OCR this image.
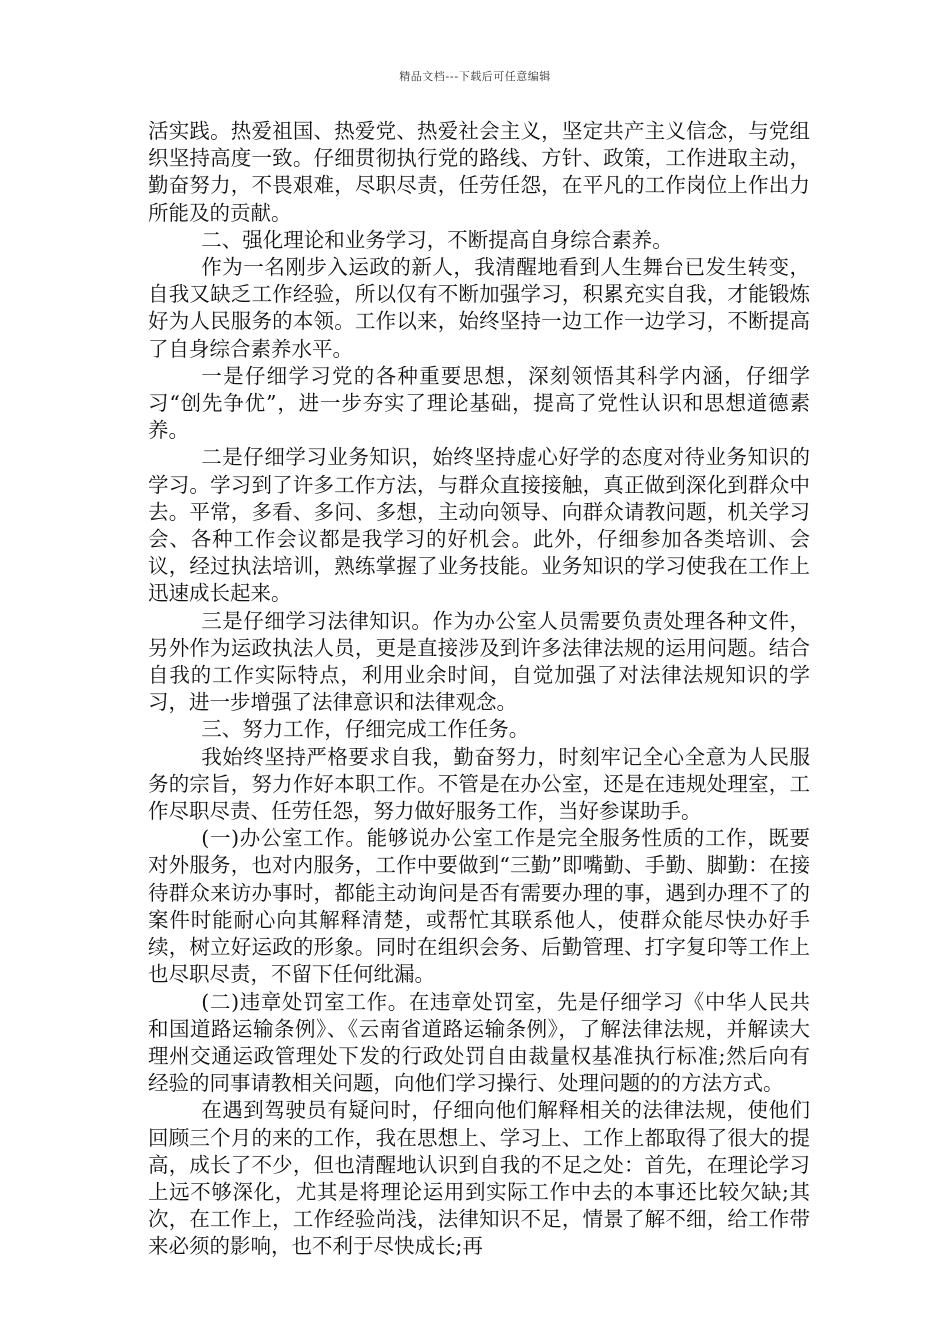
精品文档---下载后可任意编辑

活实践。热爱祖国、热爱党、热爱社会主义，坚定共产主义信念，与党组织坚持高度一致。仔细贯彻执行党的路线、方针、政策，工作进取主动，勤奋努力，不畏艰难，尽职尽责，任劳任怨，在平凡的工作岗位上作出力所能及的贡献。

二、强化理论和业务学习，不断提高自身综合素养。

作为一名刚步入运政的新人，我清醒地看到人生舞台已发生转变，自我又缺乏工作经验，所以仅有不断加强学习，积累充实自我，才能锻炼好为人民服务的本领。工作以来，始终坚持一边工作一边学习，不断提高了自身综合素养水平。

一是仔细学习党的各种重要思想，深刻领悟其科学内涵，仔细学习“创先争优”，进一步夯实了理论基础，提高了党性认识和思想道德素养。

二是仔细学习业务知识，始终坚持虚心好学的态度对待业务知识的学习。学习到了许多工作方法，与群众直接接触，真正做到深化到群众中去。平常，多看、多问、多想，主动向领导、向群众请教问题，机关学习会、各种工作会议都是我学习的好机会。此外，仔细参加各类培训、会议，经过执法培训，熟练掌握了业务技能。业务知识的学习使我在工作上迅速成长起来。

三是仔细学习法律知识。作为办公室人员需要负责处理各种文件，另外作为运政执法人员，更是直接涉及到许多法律法规的运用问题。结合自我的工作实际特点，利用业余时间，自觉加强了对法律法规知识的学习，进一步增强了法律意识和法律观念。

三、努力工作，仔细完成工作任务。

我始终坚持严格要求自我，勤奋努力，时刻牢记全心全意为人民服务的宗旨，努力作好本职工作。不管是在办公室，还是在违规处理室，工作尽职尽责、任劳任怨，努力做好服务工作，当好参谋助手。

(一)办公室工作。能够说办公室工作是完全服务性质的工作，既要对外服务，也对内服务，工作中要做到“三勤”即嘴勤、手勤、脚勤：在接待群众来访办事时，都能主动询问是否有需要办理的事，遇到办理不了的案件时能耐心向其解释清楚，或帮忙其联系他人，使群众能尽快办好手续，树立好运政的形象。同时在组织会务、后勤管理、打字复印等工作上也尽职尽责，不留下任何纰漏。

(二)违章处罚室工作。在违章处罚室，先是仔细学习《中华人民共和国道路运输条例》、《云南省道路运输条例》，了解法律法规，并解读大理州交通运政管理处下发的行政处罚自由裁量权基准执行标准;然后向有经验的同事请教相关问题，向他们学习操行、处理问题的的方法方式。

在遇到驾驶员有疑问时，仔细向他们解释相关的法律法规，使他们回顾三个月的来的工作，我在思想上、学习上、工作上都取得了很大的提高，成长了不少，但也清醒地认识到自我的不足之处：首先，在理论学习上远不够深化，尤其是将理论运用到实际工作中去的本事还比较欠缺;其次，在工作上，工作经验尚浅，法律知识不足，情景了解不细，给工作带来必须的影响，也不利于尽快成长;再
